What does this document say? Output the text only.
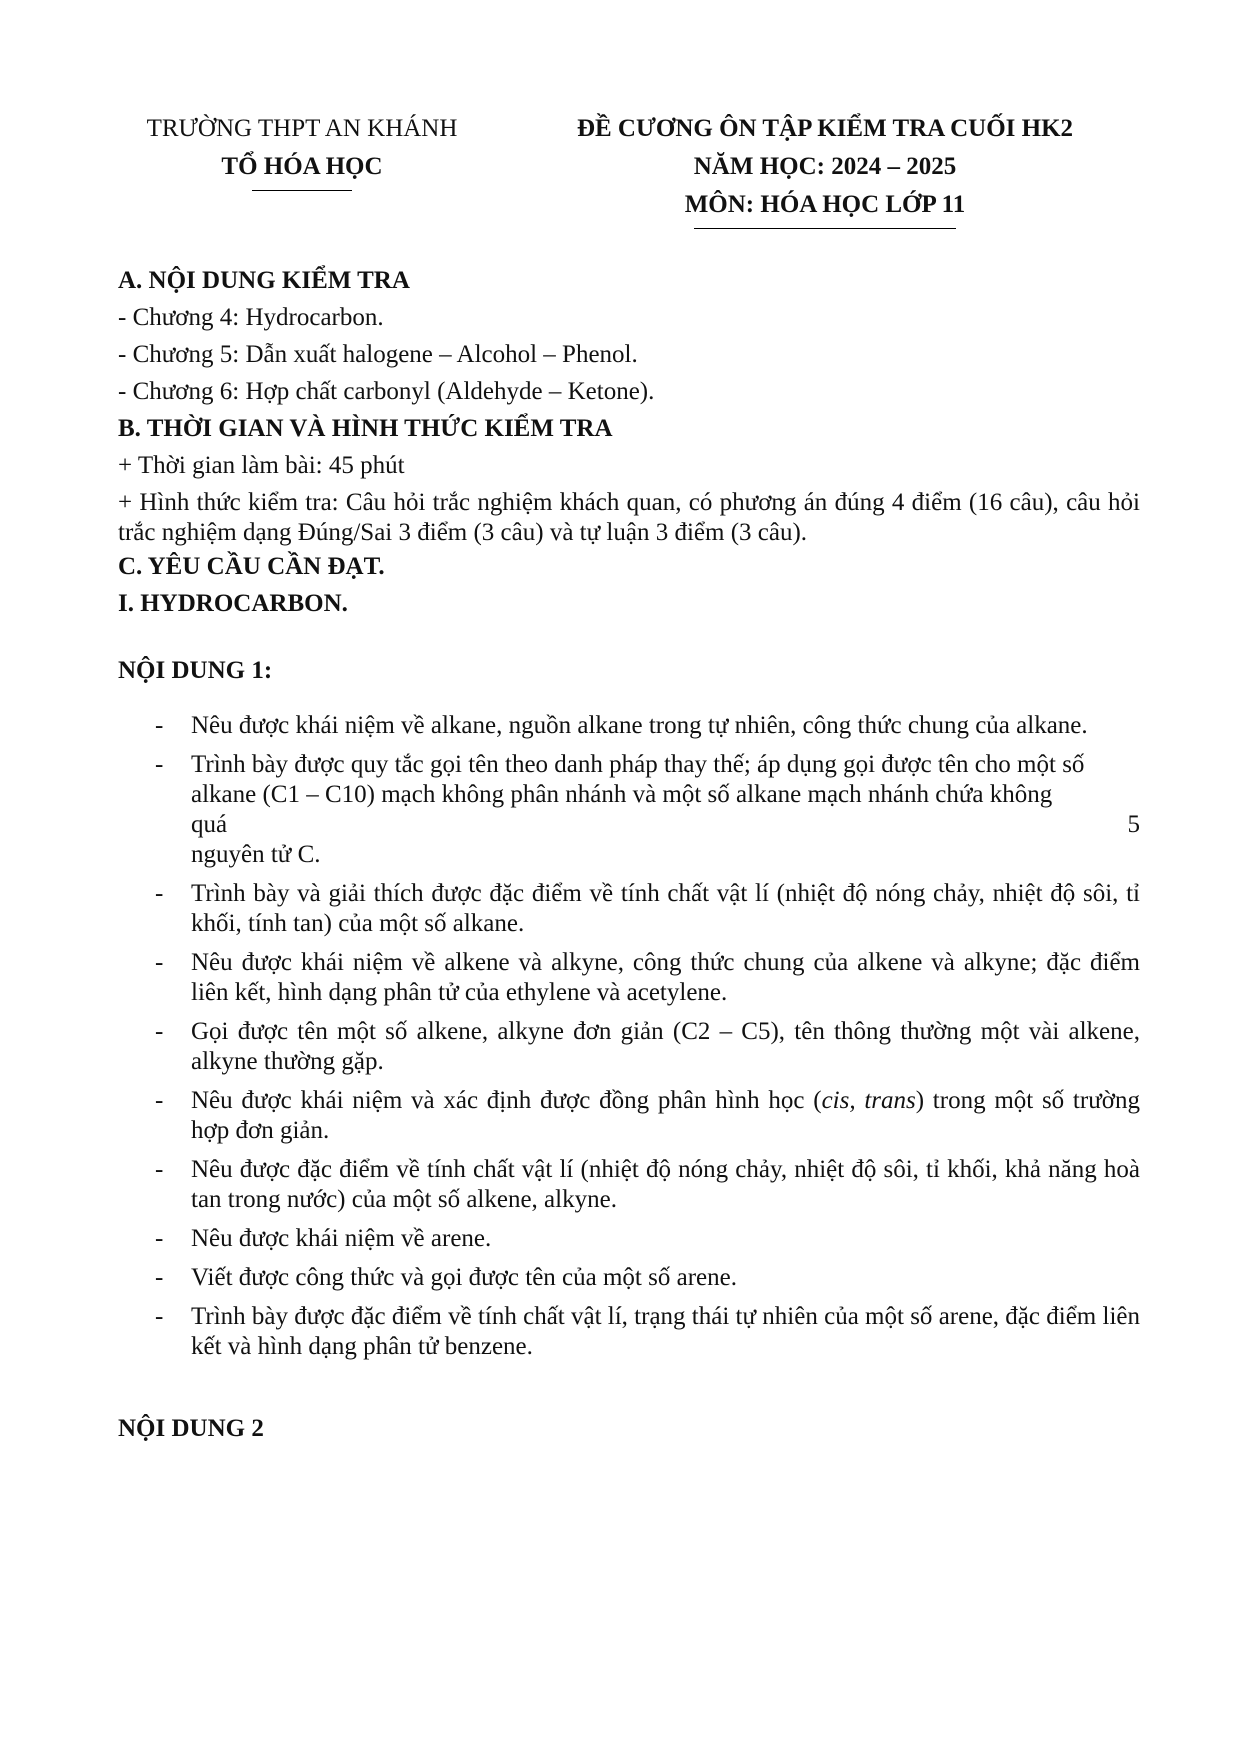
TRƯỜNG THPT AN KHÁNH
TỔ HÓA HỌC
ĐỀ CƯƠNG ÔN TẬP KIỂM TRA CUỐI HK2
NĂM HỌC: 2024 – 2025
MÔN: HÓA HỌC LỚP 11
A. NỘI DUNG KIỂM TRA
- Chương 4: Hydrocarbon.
- Chương 5: Dẫn xuất halogene – Alcohol – Phenol.
- Chương 6: Hợp chất carbonyl (Aldehyde – Ketone).
B. THỜI GIAN VÀ HÌNH THỨC KIỂM TRA
+ Thời gian làm bài: 45 phút
+ Hình thức kiểm tra: Câu hỏi trắc nghiệm khách quan, có phương án đúng 4 điểm (16 câu), câu hỏi trắc nghiệm dạng Đúng/Sai 3 điểm (3 câu) và tự luận 3 điểm (3 câu).
C. YÊU CẦU CẦN ĐẠT.
I. HYDROCARBON.
NỘI DUNG 1:
- Nêu được khái niệm về alkane, nguồn alkane trong tự nhiên, công thức chung của alkane.
- Trình bày được quy tắc gọi tên theo danh pháp thay thế; áp dụng gọi được tên cho một số
alkane (C1 – C10) mạch không phân nhánh và một số alkane mạch nhánh chứa không
quá	5
nguyên tử C.
- Trình bày và giải thích được đặc điểm về tính chất vật lí (nhiệt độ nóng chảy, nhiệt độ sôi, tỉ khối, tính tan) của một số alkane.
- Nêu được khái niệm về alkene và alkyne, công thức chung của alkene và alkyne; đặc điểm liên kết, hình dạng phân tử của ethylene và acetylene.
- Gọi được tên một số alkene, alkyne đơn giản (C2 – C5), tên thông thường một vài alkene, alkyne thường gặp.
- Nêu được khái niệm và xác định được đồng phân hình học (cis, trans) trong một số trường hợp đơn giản.
- Nêu được đặc điểm về tính chất vật lí (nhiệt độ nóng chảy, nhiệt độ sôi, tỉ khối, khả năng hoà tan trong nước) của một số alkene, alkyne.
- Nêu được khái niệm về arene.
- Viết được công thức và gọi được tên của một số arene.
- Trình bày được đặc điểm về tính chất vật lí, trạng thái tự nhiên của một số arene, đặc điểm liên kết và hình dạng phân tử benzene.
NỘI DUNG 2
